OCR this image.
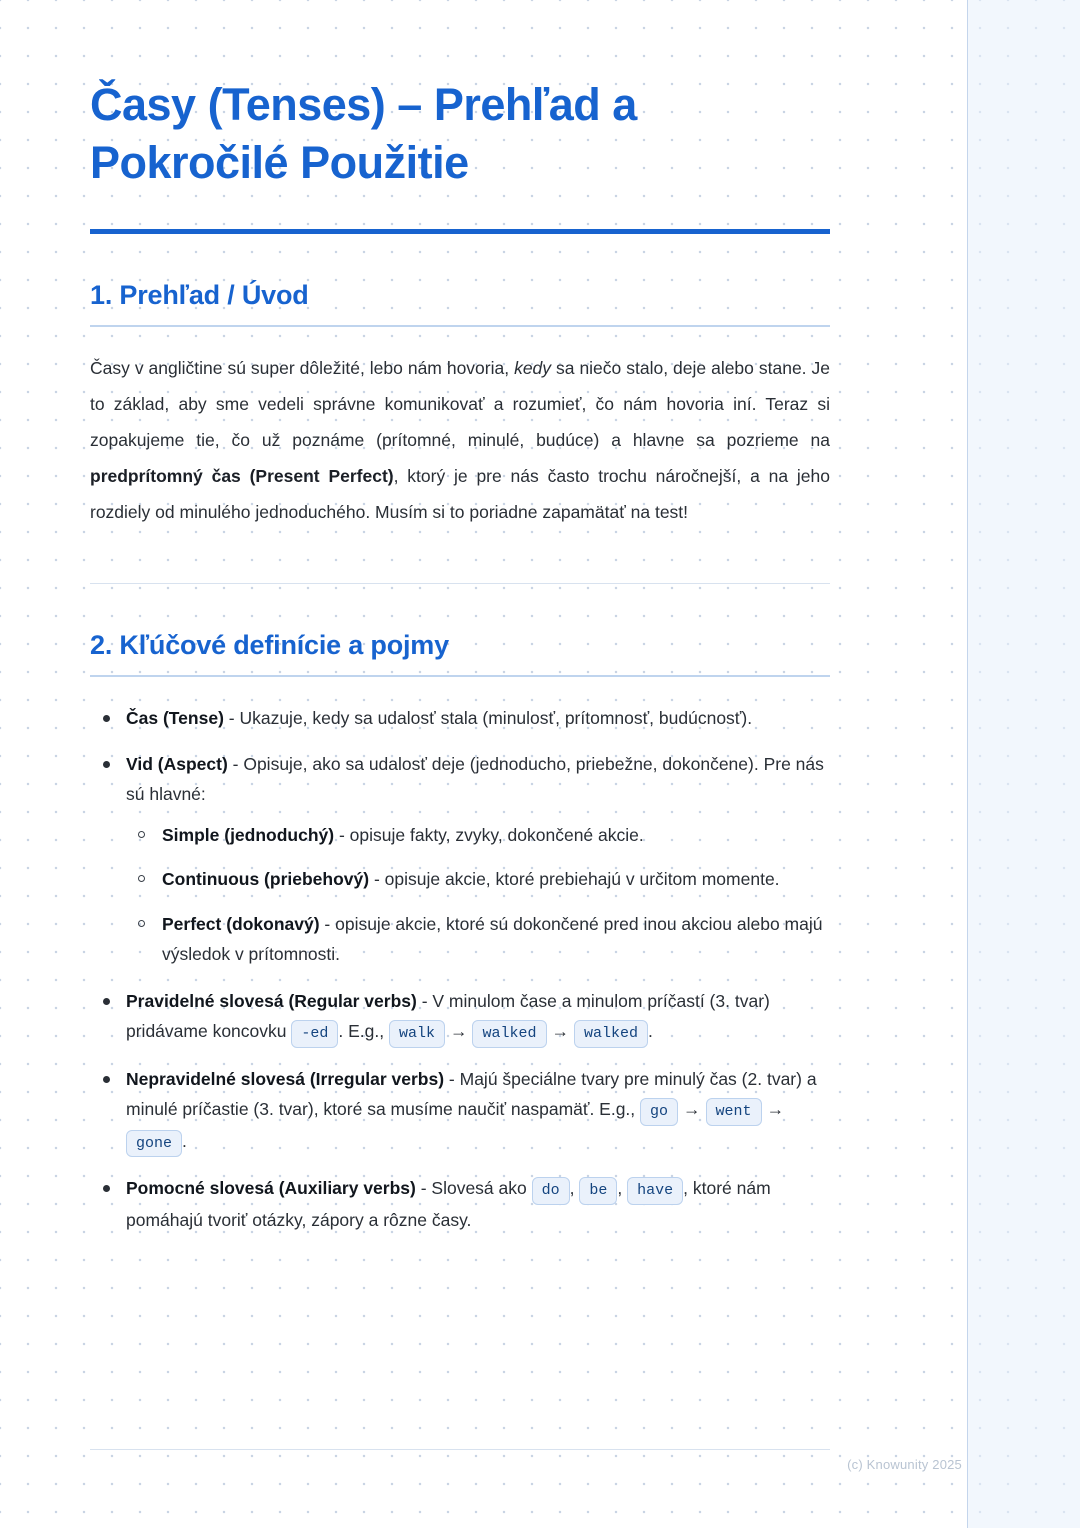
Časy (Tenses) – Prehľad a Pokročilé Použitie
1. Prehľad / Úvod

Časy v angličtine sú super dôležité, lebo nám hovoria, kedy sa niečo stalo, deje alebo stane. Je to základ, aby sme vedeli správne komunikovať a rozumieť, čo nám hovoria iní. Teraz si zopakujeme tie, čo už poznáme (prítomné, minulé, budúce) a hlavne sa pozrieme na predprítomný čas (Present Perfect), ktorý je pre nás často trochu náročnejší, a na jeho rozdiely od minulého jednoduchého. Musím si to poriadne zapamätať na test!

2. Kľúčové definície a pojmy
Čas (Tense) - Ukazuje, kedy sa udalosť stala (minulosť, prítomnosť, budúcnosť).
Vid (Aspect) - Opisuje, ako sa udalosť deje (jednoducho, priebežne, dokončene). Pre nás sú hlavné:
Simple (jednoduchý) - opisuje fakty, zvyky, dokončené akcie.
Continuous (priebehový) - opisuje akcie, ktoré prebiehajú v určitom momente.
Perfect (dokonavý) - opisuje akcie, ktoré sú dokončené pred inou akciou alebo majú výsledok v prítomnosti.
Pravidelné slovesá (Regular verbs) - V minulom čase a minulom príčastí (3. tvar) pridávame koncovku -ed . E.g., walk → walked → walked .
Nepravidelné slovesá (Irregular verbs) - Majú špeciálne tvary pre minulý čas (2. tvar) a minulé príčastie (3. tvar), ktoré sa musíme naučiť naspamäť. E.g., go → went →gone .
Pomocné slovesá (Auxiliary verbs) - Slovesá ako do , be , have , ktoré nám pomáhajú tvoriť otázky, zápory a rôzne časy.
(c) Knowunity 2025
